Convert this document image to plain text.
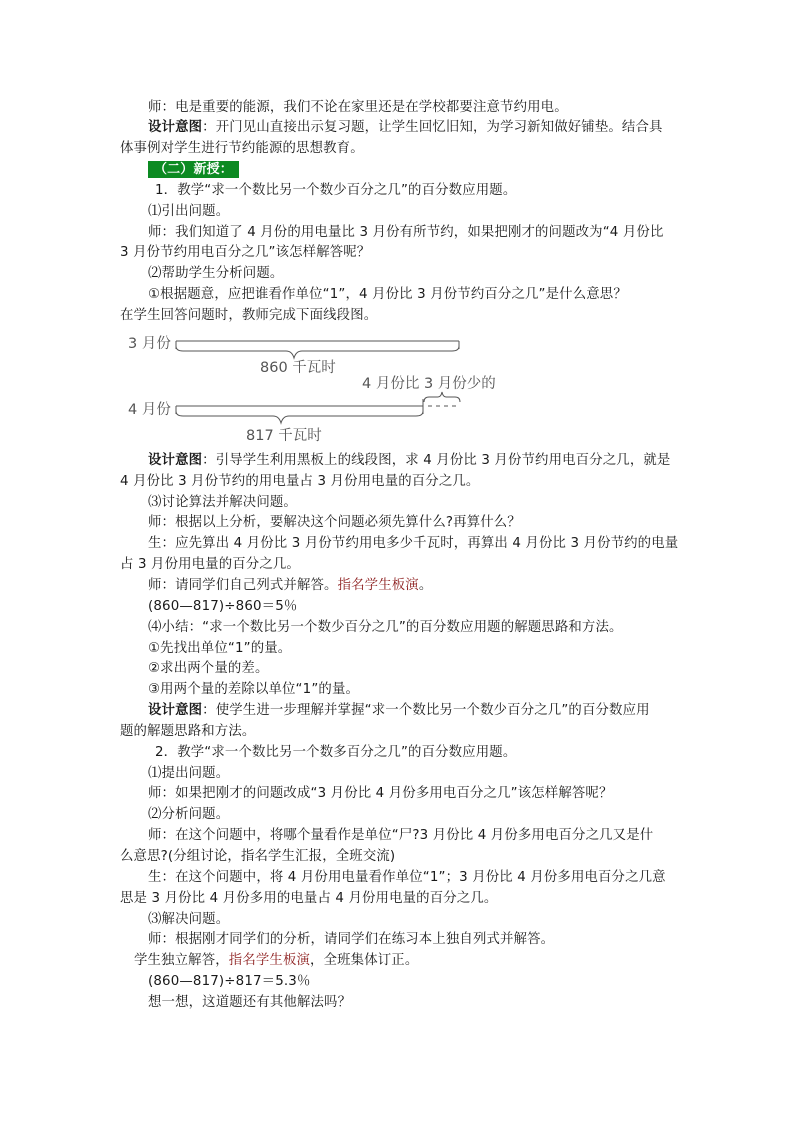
师：电是重要的能源，我们不论在家里还是在学校都要注意节约用电。
设计意图：开门见山直接出示复习题，让学生回忆旧知，为学习新知做好铺垫。结合具
体事例对学生进行节约能源的思想教育。
（二）新授：
1．教学“求一个数比另一个数少百分之几”的百分数应用题。
⑴引出问题。
师：我们知道了 4 月份的用电量比 3 月份有所节约，如果把刚才的问题改为“4 月份比
3 月份节约用电百分之几”该怎样解答呢？
⑵帮助学生分析问题。
①根据题意，应把谁看作单位“1”，4 月份比 3 月份节约百分之几”是什么意思？
在学生回答问题时，教师完成下面线段图。
3 月份
860 千瓦时
4 月份比 3 月份少的
4 月份
817 千瓦时
设计意图：引导学生利用黑板上的线段图，求 4 月份比 3 月份节约用电百分之几，就是
4 月份比 3 月份节约的用电量占 3 月份用电量的百分之几。
⑶讨论算法并解决问题。
师：根据以上分析，要解决这个问题必须先算什么?再算什么？
生：应先算出 4 月份比 3 月份节约用电多少千瓦时，再算出 4 月份比 3 月份节约的电量
占 3 月份用电量的百分之几。
师：请同学们自己列式并解答。指名学生板演。
(860—817)÷860＝5％
⑷小结：“求一个数比另一个数少百分之几”的百分数应用题的解题思路和方法。
①先找出单位“1”的量。
②求出两个量的差。
③用两个量的差除以单位“1”的量。
设计意图：使学生进一步理解并掌握“求一个数比另一个数少百分之几”的百分数应用
题的解题思路和方法。
2．教学“求一个数比另一个数多百分之几”的百分数应用题。
⑴提出问题。
师：如果把刚才的问题改成“3 月份比 4 月份多用电百分之几”该怎样解答呢？
⑵分析问题。
师：在这个问题中，将哪个量看作是单位“尸?3 月份比 4 月份多用电百分之几又是什
么意思?(分组讨论，指名学生汇报，全班交流)
生：在这个问题中，将 4 月份用电量看作单位“1”；3 月份比 4 月份多用电百分之几意
思是 3 月份比 4 月份多用的电量占 4 月份用电量的百分之几。
⑶解决问题。
师：根据刚才同学们的分析，请同学们在练习本上独自列式并解答。
学生独立解答，指名学生板演，全班集体订正。
(860—817)÷817＝5.3％
想一想，这道题还有其他解法吗？
